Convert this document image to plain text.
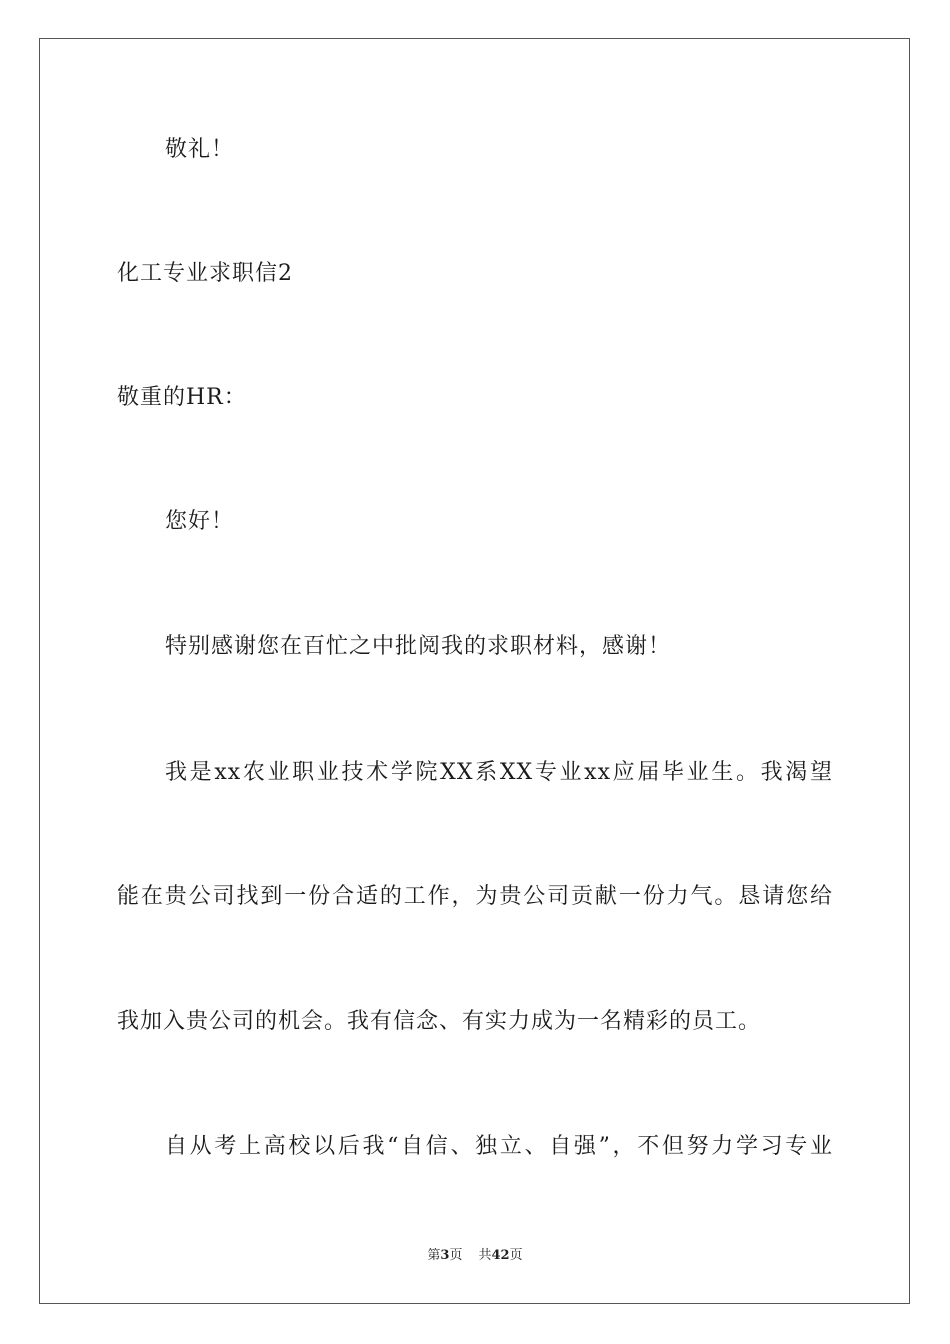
敬礼！
化工专业求职信2
敬重的HR：
您好！
特别感谢您在百忙之中批阅我的求职材料，感谢！
我是xx农业职业技术学院XX系XX专业xx应届毕业生。我渴望
能在贵公司找到一份合适的工作，为贵公司贡献一份力气。恳请您给
我加入贵公司的机会。我有信念、有实力成为一名精彩的员工。
自从考上高校以后我“自信、独立、自强”，不但努力学习专业
第3页 共42页
